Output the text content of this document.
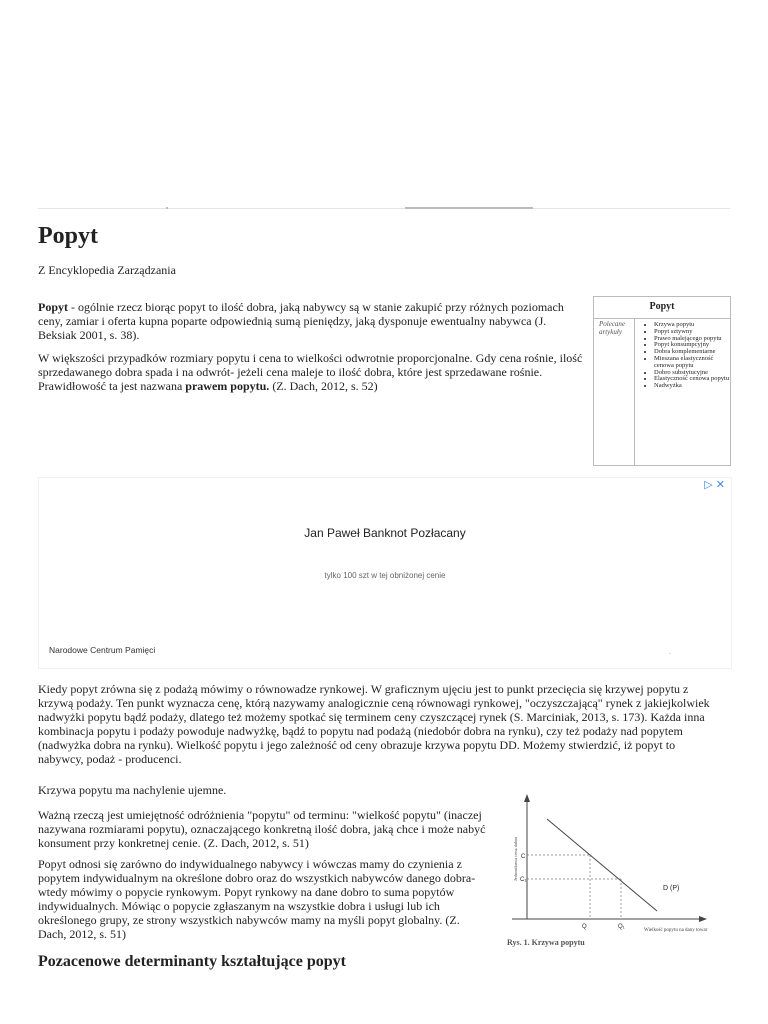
Popyt
Z Encyklopedia Zarządzania

Popyt - ogólnie rzecz biorąc popyt to ilość dobra, jaką nabywcy są w stanie zakupić przy różnych poziomach ceny, zamiar i oferta kupna poparte odpowiednią sumą pieniędzy, jaką dysponuje ewentualny nabywca (J. Beksiak 2001, s. 38).

W większości przypadków rozmiary popytu i cena to wielkości odwrotnie proporcjonalne. Gdy cena rośnie, ilość sprzedawanego dobra spada i na odwrót- jeżeli cena maleje to ilość dobra, które jest sprzedawane rośnie. Prawidłowość ta jest nazwana prawem popytu. (Z. Dach, 2012, s. 52)

Popyt
Polecane artykuły
• Krzywa popytu
• Popyt sztywny
• Prawo malejącego popytu
• Popyt konsumpcyjny
• Dobra komplementarne
• Mieszana elastyczność cenowa popytu
• Dobro substytucyjne
• Elastyczność cenowa popytu
• Nadwyżka
▷ ✕
Jan Paweł Banknot Pozłacany
tylko 100 szt w tej obniżonej cenie
Narodowe Centrum Pamięci	.

Kiedy popyt zrówna się z podażą mówimy o równowadze rynkowej. W graficznym ujęciu jest to punkt przecięcia się krzywej popytu z krzywą podaży. Ten punkt wyznacza cenę, którą nazywamy analogicznie ceną równowagi rynkowej, "oczyszczającą" rynek z jakiejkolwiek nadwyżki popytu bądź podaży, dlatego też możemy spotkać się terminem ceny czyszczącej rynek (S. Marciniak, 2013, s. 173). Każda inna kombinacja popytu i podaży powoduje nadwyżkę, bądź to popytu nad podażą (niedobór dobra na rynku), czy też podaży nad popytem (nadwyżka dobra na rynku). Wielkość popytu i jego zależność od ceny obrazuje krzywa popytu DD. Możemy stwierdzić, iż popyt to nabywcy, podaż - producenci.

Krzywa popytu ma nachylenie ujemne.

Ważną rzeczą jest umiejętność odróżnienia "popytu" od terminu: "wielkość popytu" (inaczej nazywana rozmiarami popytu), oznaczającego konkretną ilość dobra, jaką chce i może nabyć konsument przy konkretnej cenie. (Z. Dach, 2012, s. 51)

Popyt odnosi się zarówno do indywidualnego nabywcy i wówczas mamy do czynienia z popytem indywidualnym na określone dobro oraz do wszystkich nabywców danego dobra- wtedy mówimy o popycie rynkowym. Popyt rynkowy na dane dobro to suma popytów indywidualnych. Mówiąc o popycie zgłaszanym na wszystkie dobra i usługi lub ich określonego grupy, ze strony wszystkich nabywców mamy na myśli popyt globalny. (Z. Dach, 2012, s. 51)

Jednostkowa cena dobra
Wielkość popytu na dany towar
D (P)
C
C₁
Q	Q₁
Rys. 1. Krzywa popytu
Pozacenowe determinanty kształtujące popyt
